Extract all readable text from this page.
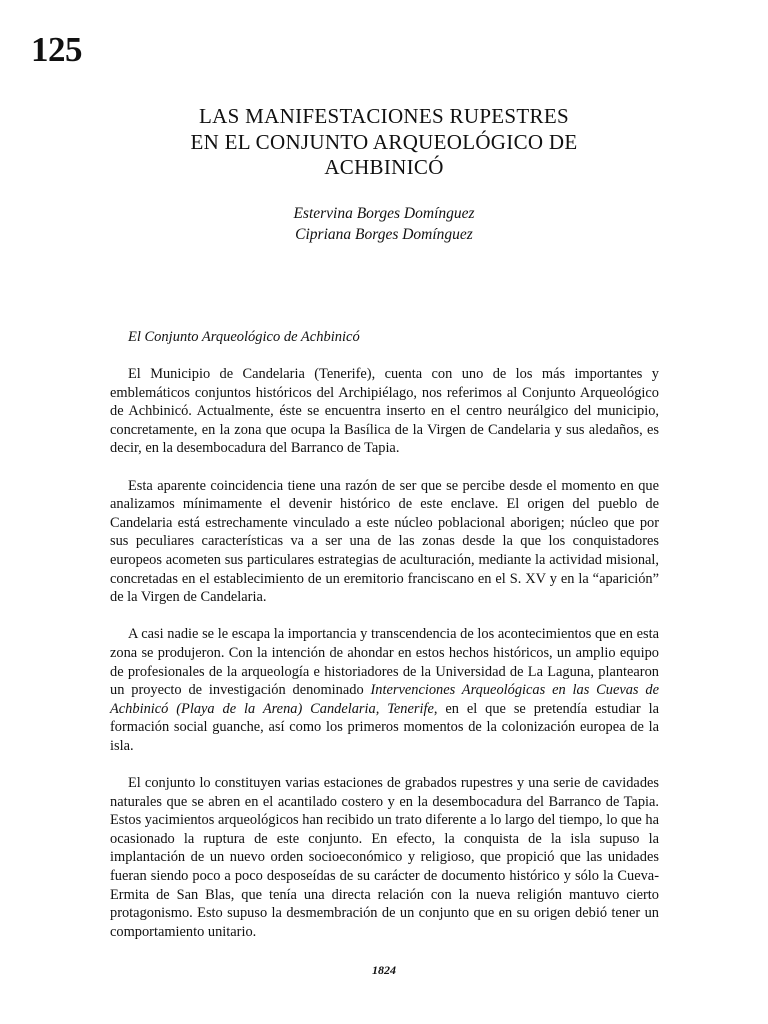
125
LAS MANIFESTACIONES RUPESTRES
EN EL CONJUNTO ARQUEOLÓGICO DE
ACHBINICÓ
Estervina Borges Domínguez
Cipriana Borges Domínguez
El Conjunto Arqueológico de Achbinicó

El Municipio de Candelaria (Tenerife), cuenta con uno de los más importantes y emblemáticos conjuntos históricos del Archipiélago, nos referimos al Conjunto Arqueológico de Achbinicó. Actualmente, éste se encuentra inserto en el centro neurálgico del municipio, concretamente, en la zona que ocupa la Basílica de la Virgen de Candelaria y sus aledaños, es decir, en la desembocadura del Barranco de Tapia.

Esta aparente coincidencia tiene una razón de ser que se percibe desde el momento en que analizamos mínimamente el devenir histórico de este enclave. El origen del pueblo de Candelaria está estrechamente vinculado a este núcleo poblacional aborigen; núcleo que por sus peculiares características va a ser una de las zonas desde la que los conquistadores europeos acometen sus particulares estrategias de aculturación, mediante la actividad misional, concretadas en el establecimiento de un eremitorio franciscano en el S. XV y en la “aparición” de la Virgen de Candelaria.

A casi nadie se le escapa la importancia y transcendencia de los acontecimientos que en esta zona se produjeron. Con la intención de ahondar en estos hechos históricos, un amplio equipo de profesionales de la arqueología e historiadores de la Universidad de La Laguna, plantearon un proyecto de investigación denominado Intervenciones Arqueológicas en las Cuevas de Achbinicó (Playa de la Arena) Candelaria, Tenerife, en el que se pretendía estudiar la formación social guanche, así como los primeros momentos de la colonización europea de la isla.

El conjunto lo constituyen varias estaciones de grabados rupestres y una serie de cavidades naturales que se abren en el acantilado costero y en la desembocadura del Barranco de Tapia. Estos yacimientos arqueológicos han recibido un trato diferente a lo largo del tiempo, lo que ha ocasionado la ruptura de este conjunto. En efecto, la conquista de la isla supuso la implantación de un nuevo orden socioeconómico y religioso, que propició que las unidades fueran siendo poco a poco desposeídas de su carácter de documento histórico y sólo la Cueva-Ermita de San Blas, que tenía una directa relación con la nueva religión mantuvo cierto protagonismo. Esto supuso la desmembración de un conjunto que en su origen debió tener un comportamiento unitario.

1824
